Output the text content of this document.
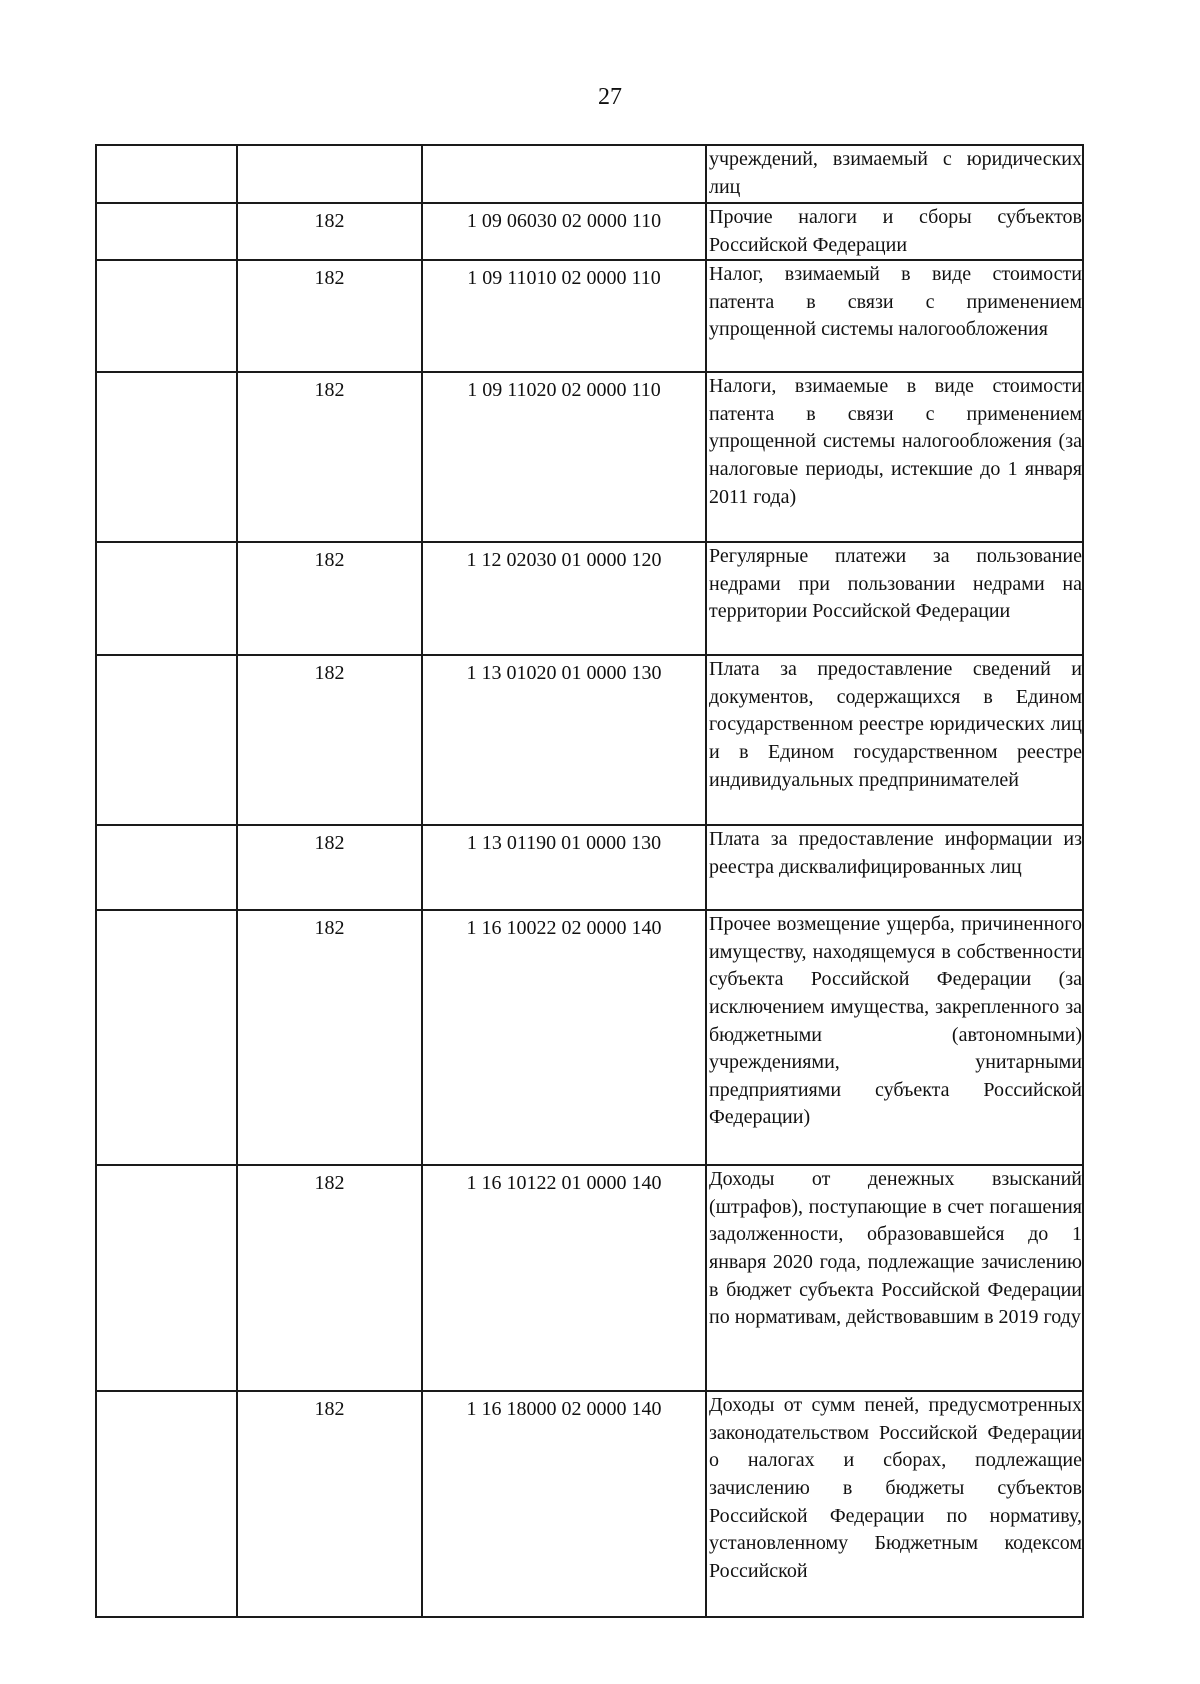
27

			учреждений, взимаемый с юридических лиц

	182	1 09 06030 02 0000 110	Прочие налоги и сборы субъектов Российской Федерации

	182	1 09 11010 02 0000 110	Налог, взимаемый в виде стоимости патента в связи с применением упрощенной системы налогообложения

	182	1 09 11020 02 0000 110	Налоги, взимаемые в виде стоимости патента в связи с применением упрощенной системы налогообложения (за налоговые периоды, истекшие до 1 января 2011 года)

	182	1 12 02030 01 0000 120	Регулярные платежи за пользование недрами при пользовании недрами на территории Российской Федерации

	182	1 13 01020 01 0000 130	Плата за предоставление сведений и документов, содержащихся в Едином государственном реестре юридических лиц и в Едином государственном реестре индивидуальных предпринимателей

	182	1 13 01190 01 0000 130	Плата за предоставление информации из реестра дисквалифицированных лиц

	182	1 16 10022 02 0000 140	Прочее возмещение ущерба, причиненного имуществу, находящемуся в собственности субъекта Российской Федерации (за исключением имущества, закрепленного за бюджетными (автономными) учреждениями, унитарными предприятиями субъекта Российской Федерации)

	182	1 16 10122 01 0000 140	Доходы от денежных взысканий (штрафов), поступающие в счет погашения задолженности, образовавшейся до 1 января 2020 года, подлежащие зачислению в бюджет субъекта Российской Федерации по нормативам, действовавшим в 2019 году

	182	1 16 18000 02 0000 140	Доходы от сумм пеней, предусмотренных законодательством Российской Федерации о налогах и сборах, подлежащие зачислению в бюджеты субъектов Российской Федерации по нормативу, установленному Бюджетным кодексом Российской
